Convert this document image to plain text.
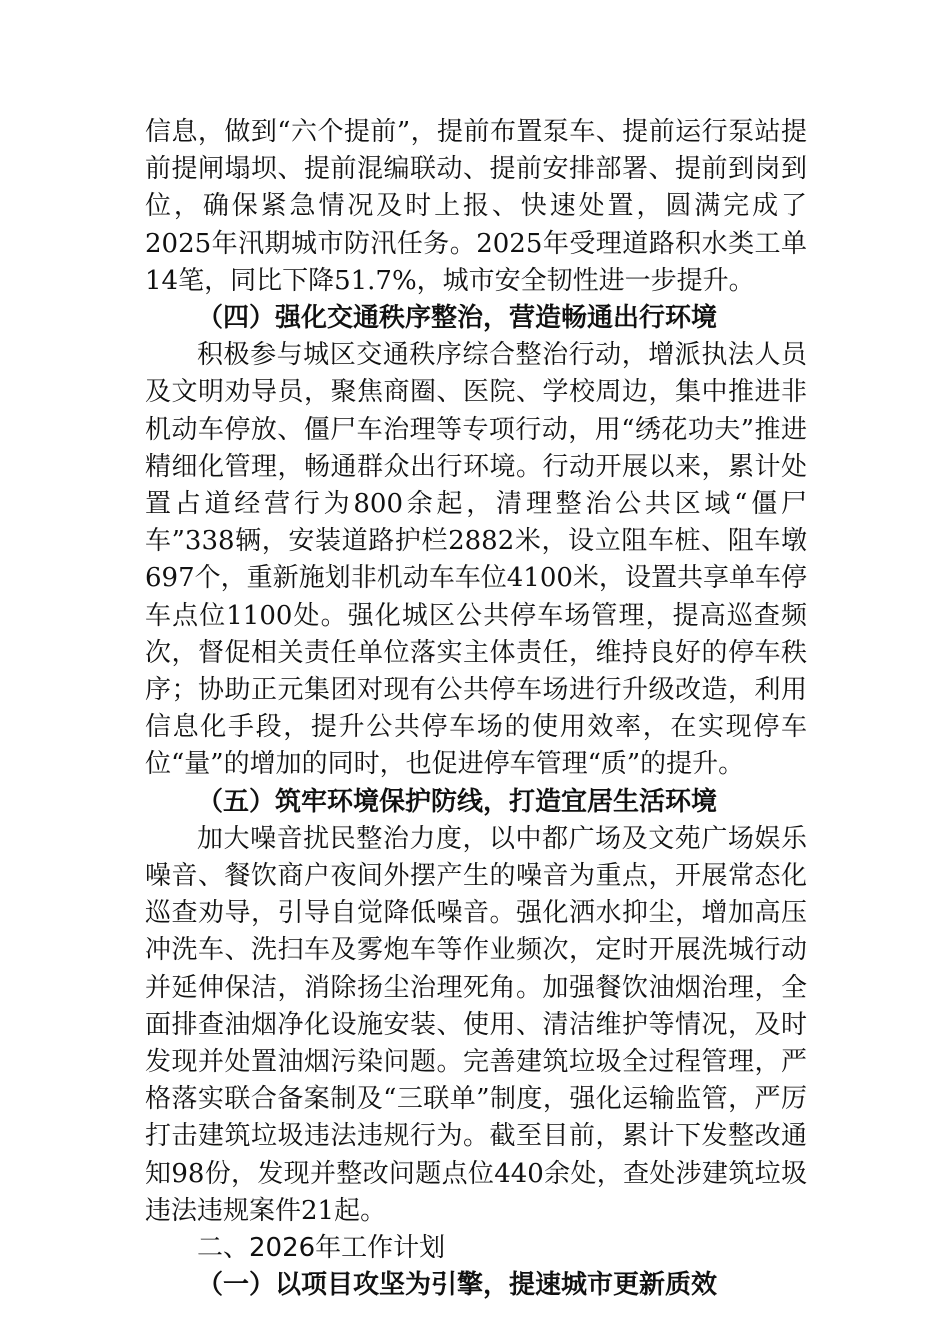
信息，做到“六个提前”，提前布置泵车、提前运行泵站提前提闸塌坝、提前混编联动、提前安排部署、提前到岗到位，确保紧急情况及时上报、快速处置，圆满完成了2025年汛期城市防汛任务。2025年受理道路积水类工单14笔，同比下降51.7%，城市安全韧性进一步提升。

（四）强化交通秩序整治，营造畅通出行环境

积极参与城区交通秩序综合整治行动，增派执法人员及文明劝导员，聚焦商圈、医院、学校周边，集中推进非机动车停放、僵尸车治理等专项行动，用“绣花功夫”推进精细化管理，畅通群众出行环境。行动开展以来，累计处置占道经营行为800余起，清理整治公共区域“僵尸车”338辆，安装道路护栏2882米，设立阻车桩、阻车墩697个，重新施划非机动车车位4100米，设置共享单车停车点位1100处。强化城区公共停车场管理，提高巡查频次，督促相关责任单位落实主体责任，维持良好的停车秩序；协助正元集团对现有公共停车场进行升级改造，利用信息化手段，提升公共停车场的使用效率，在实现停车位“量”的增加的同时，也促进停车管理“质”的提升。

（五）筑牢环境保护防线，打造宜居生活环境

加大噪音扰民整治力度，以中都广场及文苑广场娱乐噪音、餐饮商户夜间外摆产生的噪音为重点，开展常态化巡查劝导，引导自觉降低噪音。强化洒水抑尘，增加高压冲洗车、洗扫车及雾炮车等作业频次，定时开展洗城行动并延伸保洁，消除扬尘治理死角。加强餐饮油烟治理，全面排查油烟净化设施安装、使用、清洁维护等情况，及时发现并处置油烟污染问题。完善建筑垃圾全过程管理，严格落实联合备案制及“三联单”制度，强化运输监管，严厉打击建筑垃圾违法违规行为。截至目前，累计下发整改通知98份，发现并整改问题点位440余处，查处涉建筑垃圾违法违规案件21起。

二、2026年工作计划

（一）以项目攻坚为引擎，提速城市更新质效
